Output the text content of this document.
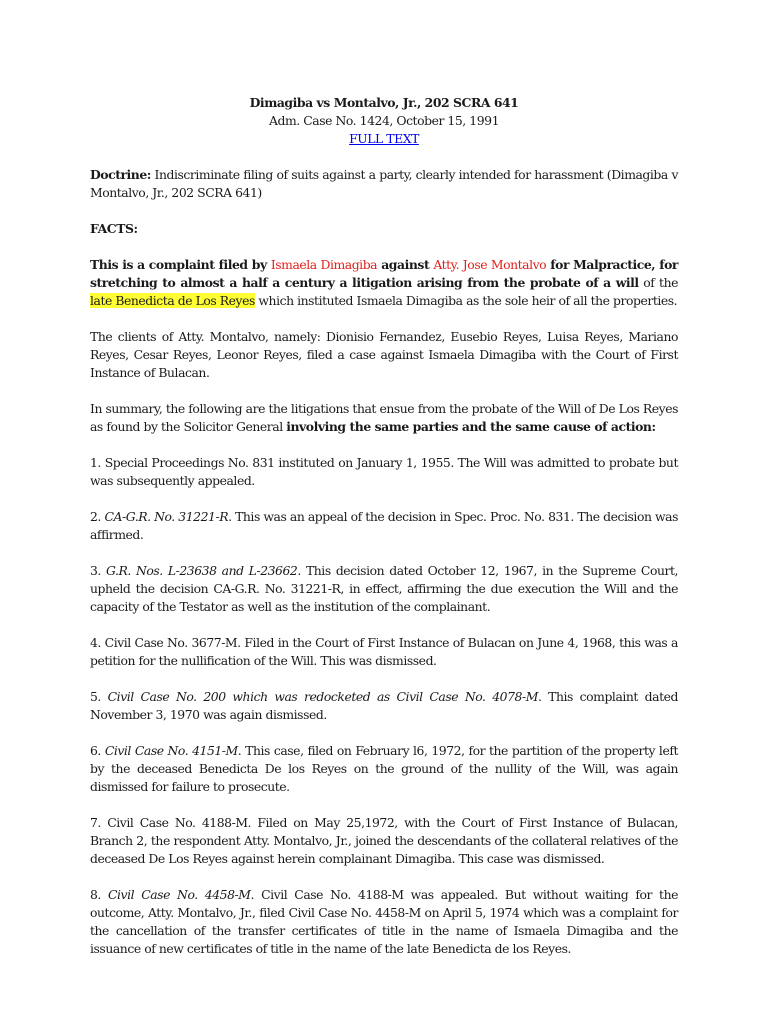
Dimagiba vs Montalvo, Jr., 202 SCRA 641
Adm. Case No. 1424, October 15, 1991
FULL TEXT

Doctrine: Indiscriminate filing of suits against a party, clearly intended for harassment (Dimagiba v Montalvo, Jr., 202 SCRA 641)

FACTS:

This is a complaint filed by Ismaela Dimagiba against Atty. Jose Montalvo for Malpractice, for stretching to almost a half a century a litigation arising from the probate of a will of the late Benedicta de Los Reyes which instituted Ismaela Dimagiba as the sole heir of all the properties.

The clients of Atty. Montalvo, namely: Dionisio Fernandez, Eusebio Reyes, Luisa Reyes, Mariano Reyes, Cesar Reyes, Leonor Reyes, filed a case against Ismaela Dimagiba with the Court of First Instance of Bulacan.

In summary, the following are the litigations that ensue from the probate of the Will of De Los Reyes as found by the Solicitor General involving the same parties and the same cause of action:

1. Special Proceedings No. 831 instituted on January 1, 1955. The Will was admitted to probate but was subsequently appealed.

2. CA-G.R. No. 31221-R. This was an appeal of the decision in Spec. Proc. No. 831. The decision was affirmed.

3. G.R. Nos. L-23638 and L-23662. This decision dated October 12, 1967, in the Supreme Court, upheld the decision CA-G.R. No. 31221-R, in effect, affirming the due execution the Will and the capacity of the Testator as well as the institution of the complainant.

4. Civil Case No. 3677-M. Filed in the Court of First Instance of Bulacan on June 4, 1968, this was a petition for the nullification of the Will. This was dismissed.

5. Civil Case No. 200 which was redocketed as Civil Case No. 4078-M. This complaint dated November 3, 1970 was again dismissed.

6. Civil Case No. 4151-M. This case, filed on February l6, 1972, for the partition of the property left by the deceased Benedicta De los Reyes on the ground of the nullity of the Will, was again dismissed for failure to prosecute.

7. Civil Case No. 4188-M. Filed on May 25,1972, with the Court of First Instance of Bulacan, Branch 2, the respondent Atty. Montalvo, Jr., joined the descendants of the collateral relatives of the deceased De Los Reyes against herein complainant Dimagiba. This case was dismissed.

8. Civil Case No. 4458-M. Civil Case No. 4188-M was appealed. But without waiting for the outcome, Atty. Montalvo, Jr., filed Civil Case No. 4458-M on April 5, 1974 which was a complaint for the cancellation of the transfer certificates of title in the name of Ismaela Dimagiba and the issuance of new certificates of title in the name of the late Benedicta de los Reyes.
